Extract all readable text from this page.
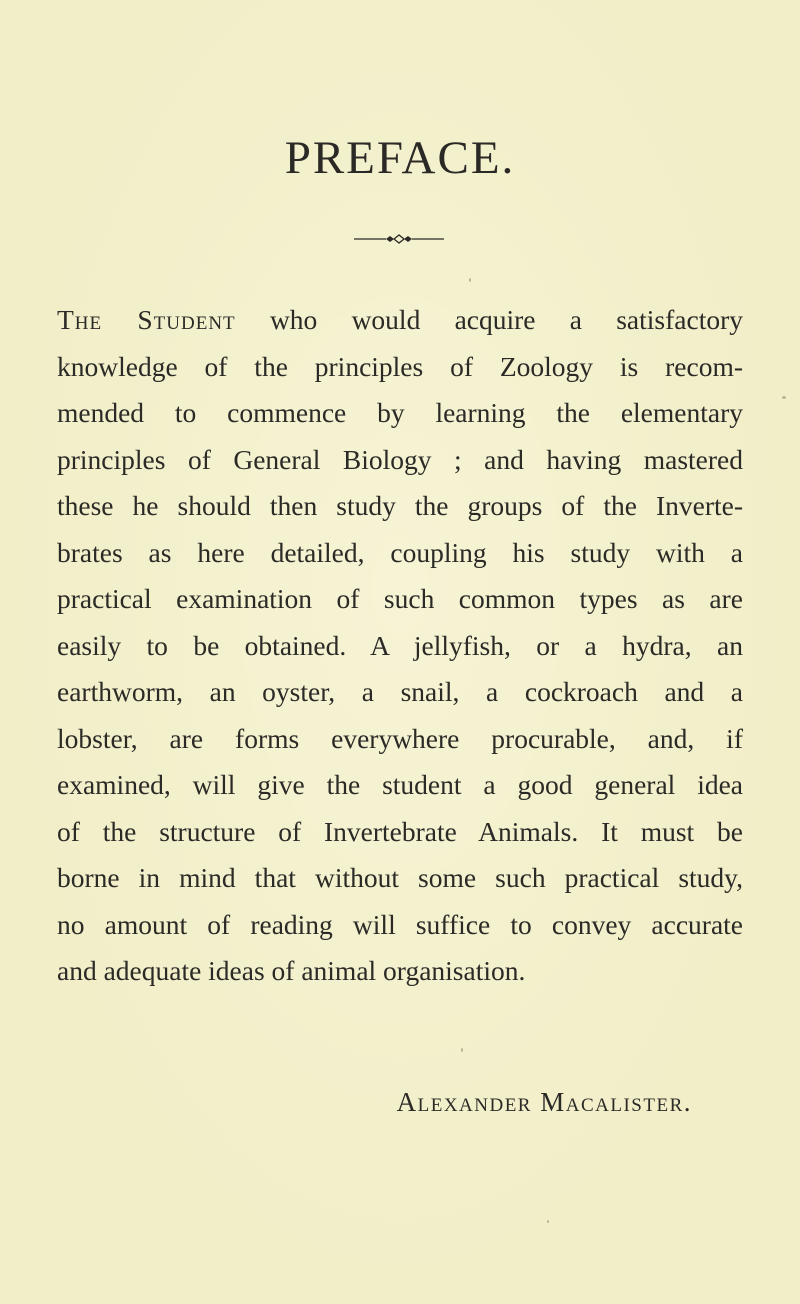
PREFACE.
The Student who would acquire a satisfactory
knowledge of the principles of Zoology is recom-
mended to commence by learning the elementary
principles of General Biology ; and having mastered
these he should then study the groups of the Inverte-
brates as here detailed, coupling his study with a
practical examination of such common types as are
easily to be obtained. A jellyfish, or a hydra, an
earthworm, an oyster, a snail, a cockroach and a
lobster, are forms everywhere procurable, and, if
examined, will give the student a good general idea
of the structure of Invertebrate Animals. It must be
borne in mind that without some such practical study,
no amount of reading will suffice to convey accurate
and adequate ideas of animal organisation.
Alexander Macalister.
